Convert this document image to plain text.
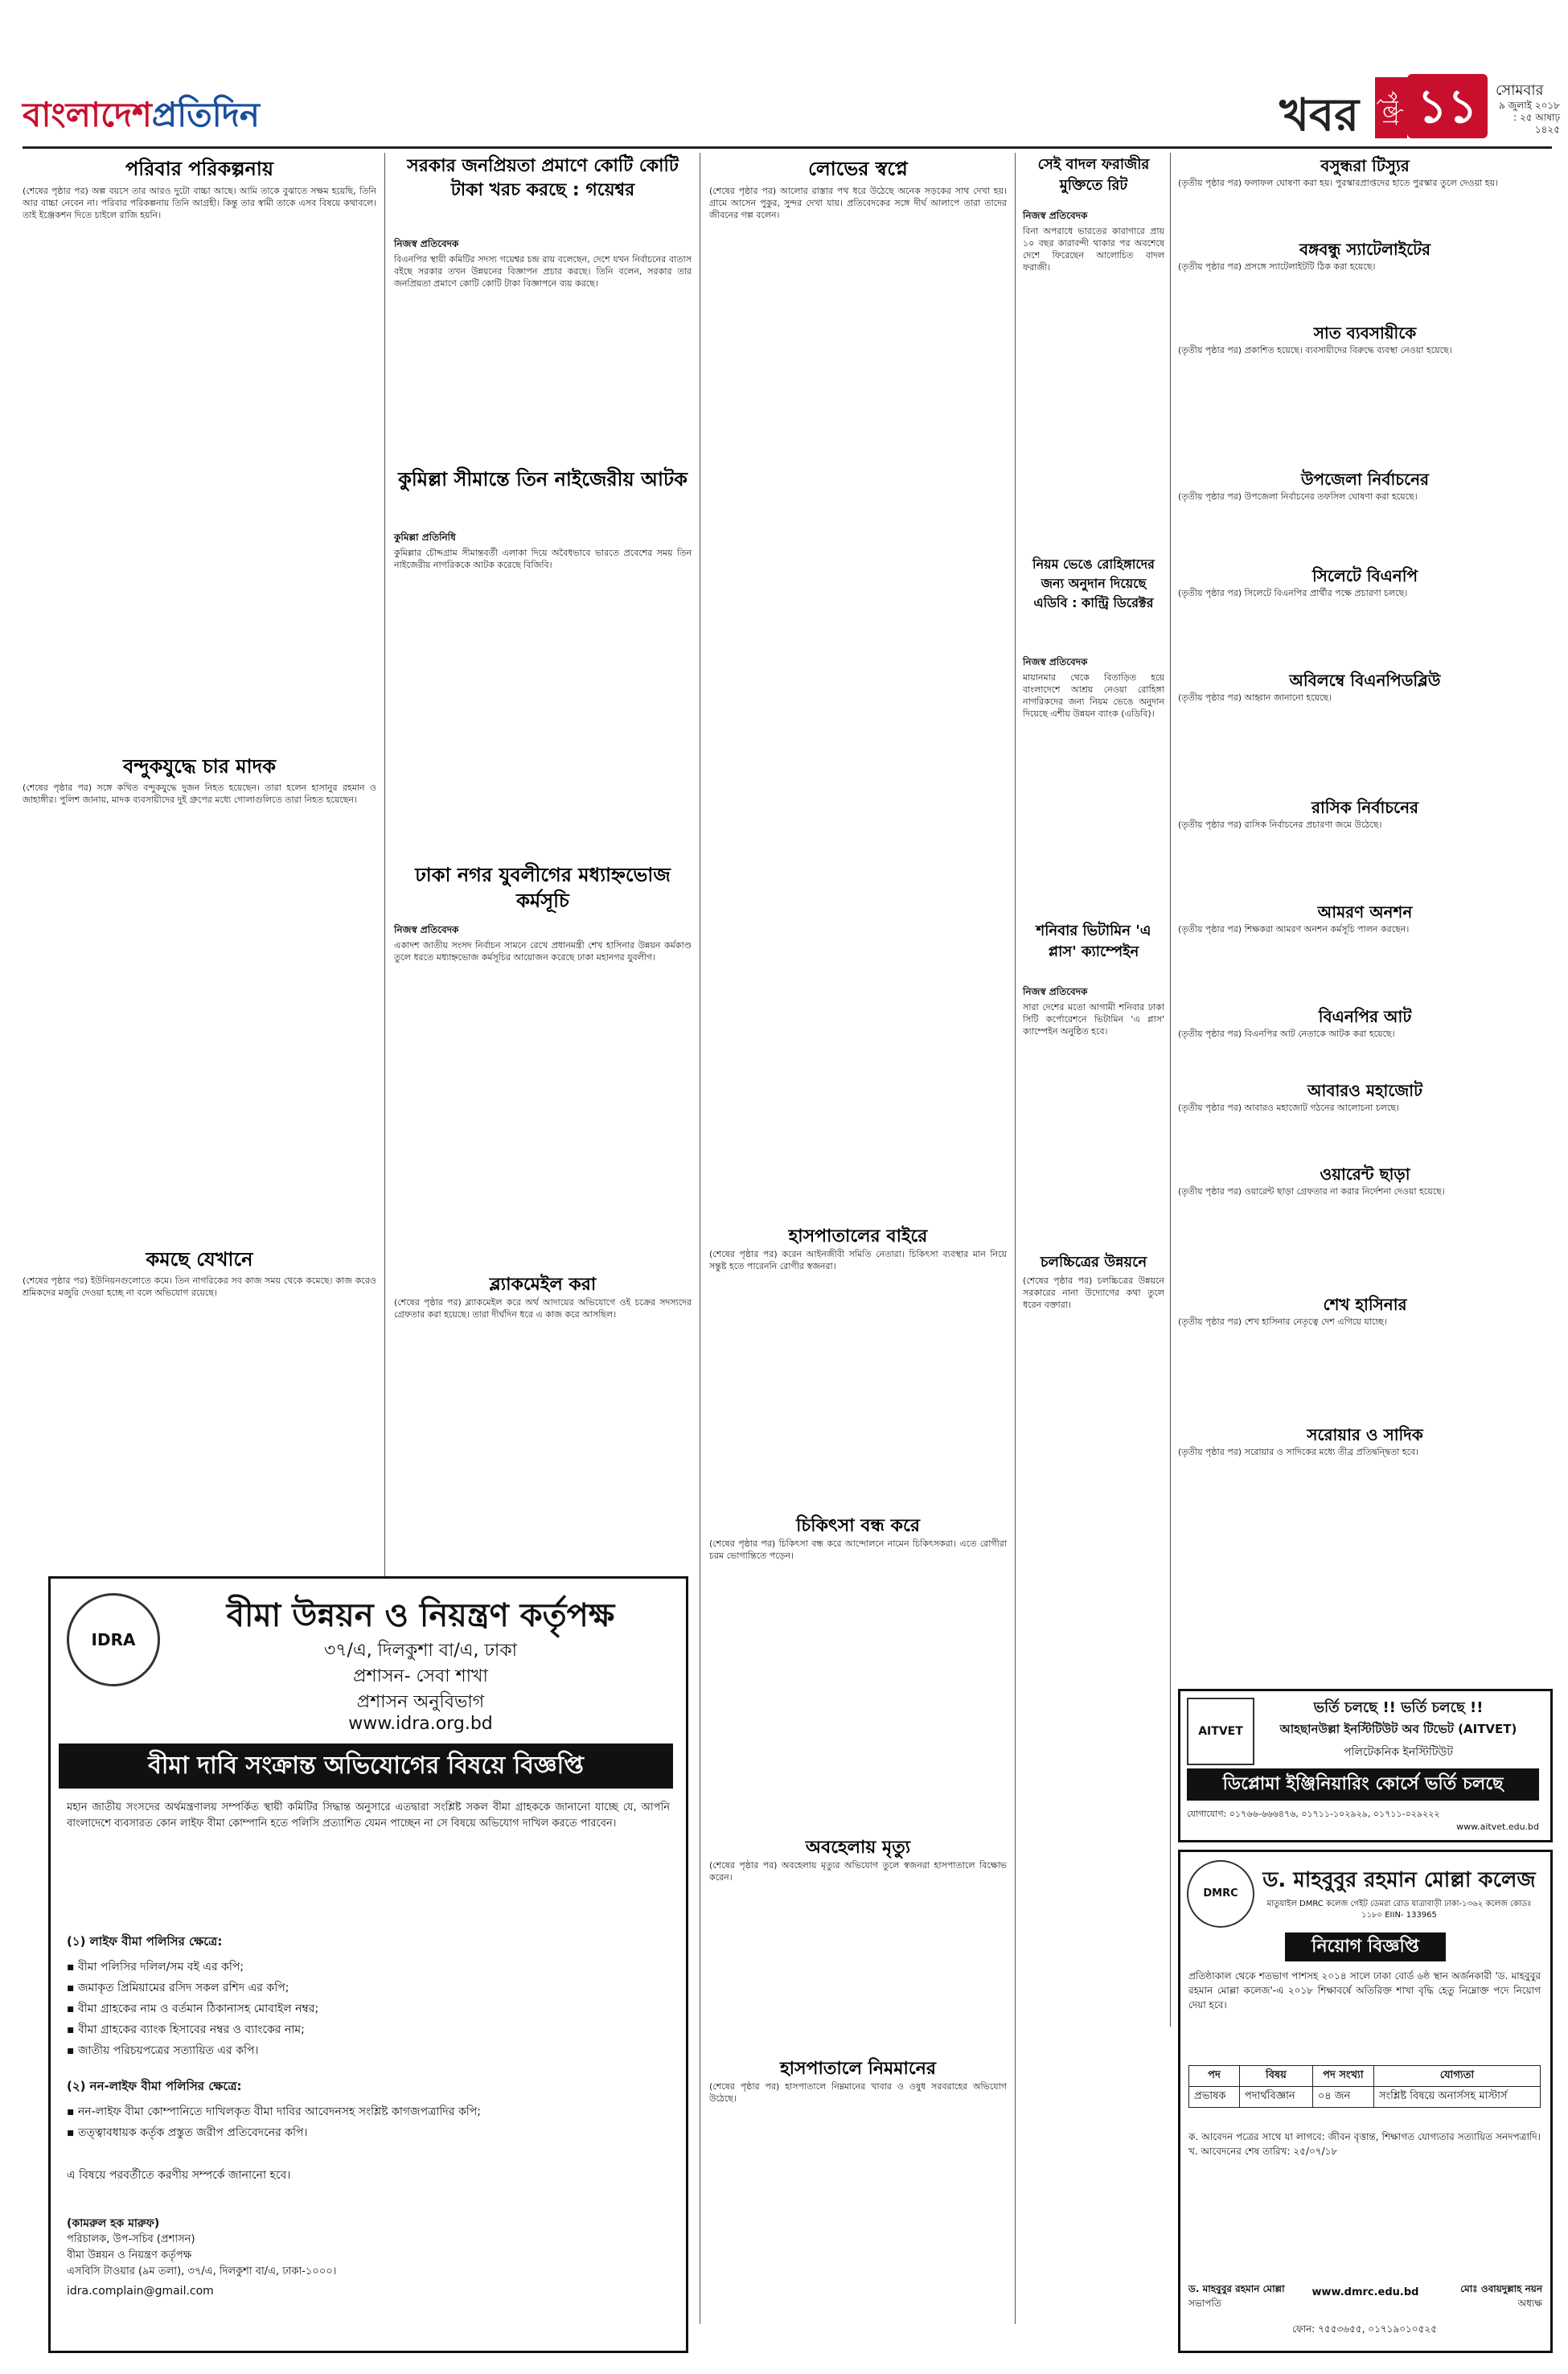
বাংলাদেশপ্রতিদিন	খবর পৃষ্ঠা ১১	সোমবার
৯ জুলাই ২০১৮ : ২৫ আষাঢ় ১৪২৫
পরিবার পরিকল্পনায়
(শেষের পৃষ্ঠার পর) অল্প বয়সে তার আরও দুটো বাচ্চা আছে। আমি তাকে বুঝাতে সক্ষম হয়েছি, তিনি আর বাচ্চা নেবেন না। পরিবার পরিকল্পনায় তিনি আগ্রহী। কিন্তু তার স্বামী তাকে এসব বিষয়ে কথাবলে। তাই ইঞ্জেকশন দিতে চাইলে রাজি হয়নি।
বন্দুকযুদ্ধে চার মাদক
(শেষের পৃষ্ঠার পর) সঙ্গে কথিত বন্দুকযুদ্ধে দুজন নিহত হয়েছেন। তারা হলেন হাসানুর রহমান ও জাহাঙ্গীর। পুলিশ জানায়, মাদক ব্যবসায়ীদের দুই গ্রুপের মধ্যে গোলাগুলিতে তারা নিহত হয়েছেন।
কমছে যেখানে
(শেষের পৃষ্ঠার পর) ইউনিয়নগুলোতে কমে। তিন নাগরিকের সব কাজ সময় থেকে কমেছে। কাজ করেও শ্রমিকদের মজুরি দেওয়া হচ্ছে না বলে অভিযোগ রয়েছে।
সরকার জনপ্রিয়তা প্রমাণে কোটি কোটি টাকা খরচ করছে : গয়েশ্বর
নিজস্ব প্রতিবেদক
বিএনপির স্থায়ী কমিটির সদস্য গয়েশ্বর চন্দ্র রায় বলেছেন, দেশে যখন নির্বাচনের বাতাস বইছে সরকার তখন উন্নয়নের বিজ্ঞাপন প্রচার করছে। তিনি বলেন, সরকার তার জনপ্রিয়তা প্রমাণে কোটি কোটি টাকা বিজ্ঞাপনে ব্যয় করছে।
কুমিল্লা সীমান্তে তিন নাইজেরীয় আটক
কুমিল্লা প্রতিনিধি
কুমিল্লার চৌদ্দগ্রাম সীমান্তবর্তী এলাকা দিয়ে অবৈধভাবে ভারতে প্রবেশের সময় তিন নাইজেরীয় নাগরিককে আটক করেছে বিজিবি।
ঢাকা নগর যুবলীগের মধ্যাহ্নভোজ কর্মসূচি
নিজস্ব প্রতিবেদক
একাদশ জাতীয় সংসদ নির্বাচন সামনে রেখে প্রধানমন্ত্রী শেখ হাসিনার উন্নয়ন কর্মকাণ্ড তুলে ধরতে মধ্যাহ্নভোজ কর্মসূচির আয়োজন করেছে ঢাকা মহানগর যুবলীগ।
ব্ল্যাকমেইল করা
(শেষের পৃষ্ঠার পর) ব্ল্যাকমেইল করে অর্থ আদায়ের অভিযোগে ওই চক্রের সদস্যদের গ্রেফতার করা হয়েছে। তারা দীর্ঘদিন ধরে এ কাজ করে আসছিল।
লোভের স্বপ্নে
(শেষের পৃষ্ঠার পর) আলোর রাস্তার পথ ধরে উঠেছে অনেক সড়কের সাথ দেখা হয়। গ্রামে আসেন পুকুর, সুন্দর দেখা যায়। প্রতিবেদকের সঙ্গে দীর্ঘ আলাপে তারা তাদের জীবনের গল্প বলেন।
হাসপাতালের বাইরে
(শেষের পৃষ্ঠার পর) করেন আইনজীবী সমিতি নেতারা। চিকিৎসা ব্যবস্থার মান নিয়ে সন্তুষ্ট হতে পারেননি রোগীর স্বজনরা।
চিকিৎসা বন্ধ করে
(শেষের পৃষ্ঠার পর) চিকিৎসা বন্ধ করে আন্দোলনে নামেন চিকিৎসকরা। এতে রোগীরা চরম ভোগান্তিতে পড়েন।
অবহেলায় মৃত্যু
(শেষের পৃষ্ঠার পর) অবহেলায় মৃত্যুর অভিযোগ তুলে স্বজনরা হাসপাতালে বিক্ষোভ করেন।
হাসপাতালে নিমমানের
(শেষের পৃষ্ঠার পর) হাসপাতালে নিম্নমানের খাবার ও ওষুধ সরবরাহের অভিযোগ উঠেছে।
সেই বাদল ফরাজীর মুক্তিতে রিট
নিজস্ব প্রতিবেদক
বিনা অপরাধে ভারতের কারাগারে প্রায় ১০ বছর কারাবন্দী থাকার পর অবশেষে দেশে ফিরেছেন আলোচিত বাদল ফরাজী।
নিয়ম ভেঙে রোহিঙ্গাদের জন্য অনুদান দিয়েছে এডিবি : কান্ট্রি ডিরেক্টর
নিজস্ব প্রতিবেদক
মায়ানমার থেকে বিতাড়িত হয়ে বাংলাদেশে আশ্রয় নেওয়া রোহিঙ্গা নাগরিকদের জন্য নিয়ম ভেঙে অনুদান দিয়েছে এশীয় উন্নয়ন ব্যাংক (এডিবি)।
শনিবার ভিটামিন 'এ প্লাস' ক্যাম্পেইন
নিজস্ব প্রতিবেদক
সারা দেশের মতো আগামী শনিবার ঢাকা সিটি কর্পোরেশনে ভিটামিন 'এ প্লাস' ক্যাম্পেইন অনুষ্ঠিত হবে।
চলচ্চিত্রের উন্নয়নে
(শেষের পৃষ্ঠার পর) চলচ্চিত্রের উন্নয়নে সরকারের নানা উদ্যোগের কথা তুলে ধরেন বক্তারা।
বসুন্ধরা টিস্যুর
(তৃতীয় পৃষ্ঠার পর) ফলাফল ঘোষণা করা হয়। পুরস্কারপ্রাপ্তদের হাতে পুরস্কার তুলে দেওয়া হয়।
বঙ্গবন্ধু স্যাটেলাইটের
(তৃতীয় পৃষ্ঠার পর) প্রসঙ্গে স্যাটেলাইটটি ঠিক করা হয়েছে।
সাত ব্যবসায়ীকে
(তৃতীয় পৃষ্ঠার পর) প্রকাশিত হয়েছে। ব্যবসায়ীদের বিরুদ্ধে ব্যবস্থা নেওয়া হয়েছে।
উপজেলা নির্বাচনের
(তৃতীয় পৃষ্ঠার পর) উপজেলা নির্বাচনের তফসিল ঘোষণা করা হয়েছে।
সিলেটে বিএনপি
(তৃতীয় পৃষ্ঠার পর) সিলেটে বিএনপির প্রার্থীর পক্ষে প্রচারণা চলছে।
অবিলম্বে বিএনপিডব্লিউ
(তৃতীয় পৃষ্ঠার পর) আহ্বান জানানো হয়েছে।
রাসিক নির্বাচনের
(তৃতীয় পৃষ্ঠার পর) রাসিক নির্বাচনের প্রচারণা জমে উঠেছে।
আমরণ অনশন
(তৃতীয় পৃষ্ঠার পর) শিক্ষকরা আমরণ অনশন কর্মসূচি পালন করছেন।
বিএনপির আট
(তৃতীয় পৃষ্ঠার পর) বিএনপির আট নেতাকে আটক করা হয়েছে।
আবারও মহাজোট
(তৃতীয় পৃষ্ঠার পর) আবারও মহাজোট গঠনের আলোচনা চলছে।
ওয়ারেন্ট ছাড়া
(তৃতীয় পৃষ্ঠার পর) ওয়ারেন্ট ছাড়া গ্রেফতার না করার নির্দেশনা দেওয়া হয়েছে।
শেখ হাসিনার
(তৃতীয় পৃষ্ঠার পর) শেখ হাসিনার নেতৃত্বে দেশ এগিয়ে যাচ্ছে।
সরোয়ার ও সাদিক
(তৃতীয় পৃষ্ঠার পর) সরোয়ার ও সাদিকের মধ্যে তীব্র প্রতিদ্বন্দ্বিতা হবে।
IDRA
বীমা উন্নয়ন ও নিয়ন্ত্রণ কর্তৃপক্ষ
৩৭/এ, দিলকুশা বা/এ, ঢাকা
প্রশাসন- সেবা শাখা
প্রশাসন অনুবিভাগ
www.idra.org.bd
বীমা দাবি সংক্রান্ত অভিযোগের বিষয়ে বিজ্ঞপ্তি
মহান জাতীয় সংসদের অর্থমন্ত্রণালয় সম্পর্কিত স্থায়ী কমিটির সিদ্ধান্ত অনুসারে এতদ্বারা সংশ্লিষ্ট সকল বীমা গ্রাহককে জানানো যাচ্ছে যে, আপনি বাংলাদেশে ব্যবসারত কোন লাইফ বীমা কোম্পানি হতে পলিসি প্রত্যাশিত যেমন পাচ্ছেন না সে বিষয়ে অভিযোগ দাখিল করতে পারবেন।
(১) লাইফ বীমা পলিসির ক্ষেত্রে:
▪ বীমা পলিসির দলিল/সম বই এর কপি;
▪ জমাকৃত প্রিমিয়ামের রসিদ সকল রশিদ এর কপি;
▪ বীমা গ্রাহকের নাম ও বর্তমান ঠিকানাসহ মোবাইল নম্বর;
▪ বীমা গ্রাহকের ব্যাংক হিসাবের নম্বর ও ব্যাংকের নাম;
▪ জাতীয় পরিচয়পত্রের সত্যায়িত এর কপি।
(২) নন-লাইফ বীমা পলিসির ক্ষেত্রে:
▪ নন-লাইফ বীমা কোম্পানিতে দাখিলকৃত বীমা দাবির আবেদনসহ সংশ্লিষ্ট কাগজপত্রাদির কপি;
▪ তত্ত্বাবধায়ক কর্তৃক প্রস্তুত জরীপ প্রতিবেদনের কপি।
এ বিষয়ে পরবর্তীতে করণীয় সম্পর্কে জানানো হবে।
(কামরুল হক মারুফ)
পরিচালক, উপ-সচিব (প্রশাসন)
বীমা উন্নয়ন ও নিয়ন্ত্রণ কর্তৃপক্ষ
এসবিসি টাওয়ার (৯ম তলা), ৩৭/এ, দিলকুশা বা/এ, ঢাকা-১০০০।
idra.complain@gmail.com
AITVET
ভর্তি চলছে !! ভর্তি চলছে !!
আহছানউল্লা ইনস্টিটিউট অব টিভেট (AITVET)
পলিটেকনিক ইনস্টিটিউট
ডিপ্লোমা ইঞ্জিনিয়ারিং কোর্সে ভর্তি চলছে
যোগাযোগ: ০১৭৬৬-৬৬৬৪৭৬, ০১৭১১-১০২৯২৯, ০১৭১১-০২৯২২২
www.aitvet.edu.bd
DMRC
ড. মাহবুবুর রহমান মোল্লা কলেজ
মাতুয়াইল DMRC কলেজ গেইট ডেমরা রোড যাত্রাবাড়ী ঢাকা-১৩৬২ কলেজ কোডঃ ১১৮০ EIIN- 133965
নিয়োগ বিজ্ঞপ্তি
প্রতিষ্ঠাকাল থেকে শতভাগ পাশসহ ২০১৪ সালে ঢাকা বোর্ড ৬ষ্ঠ স্থান অর্জনকারী 'ড. মাহবুবুর রহমান মোল্লা কলেজ'-এ ২০১৮ শিক্ষাবর্ষে অতিরিক্ত শাখা বৃদ্ধি হেতু নিম্নোক্ত পদে নিয়োগ দেয়া হবে।
পদ	বিষয়	পদ সংখ্যা	যোগ্যতা
প্রভাষক	পদার্থবিজ্ঞান	০৪ জন	সংশ্লিষ্ট বিষয়ে অনার্সসহ মাস্টার্স
ক. আবেদন পত্রের সাথে যা লাগবে: জীবন বৃত্তান্ত, শিক্ষাগত যোগ্যতার সত্যায়িত সনদপত্রাদি। খ. আবেদনের শেষ তারিখ: ২৫/০৭/১৮
ড. মাহবুবুর রহমান মোল্লা
সভাপতি
www.dmrc.edu.bd	মোঃ ওবায়দুল্লাহ নয়ন
অধ্যক্ষ
ফোন: ৭৫৫৩৬৫৫, ০১৭১৯০১০৫২৫
